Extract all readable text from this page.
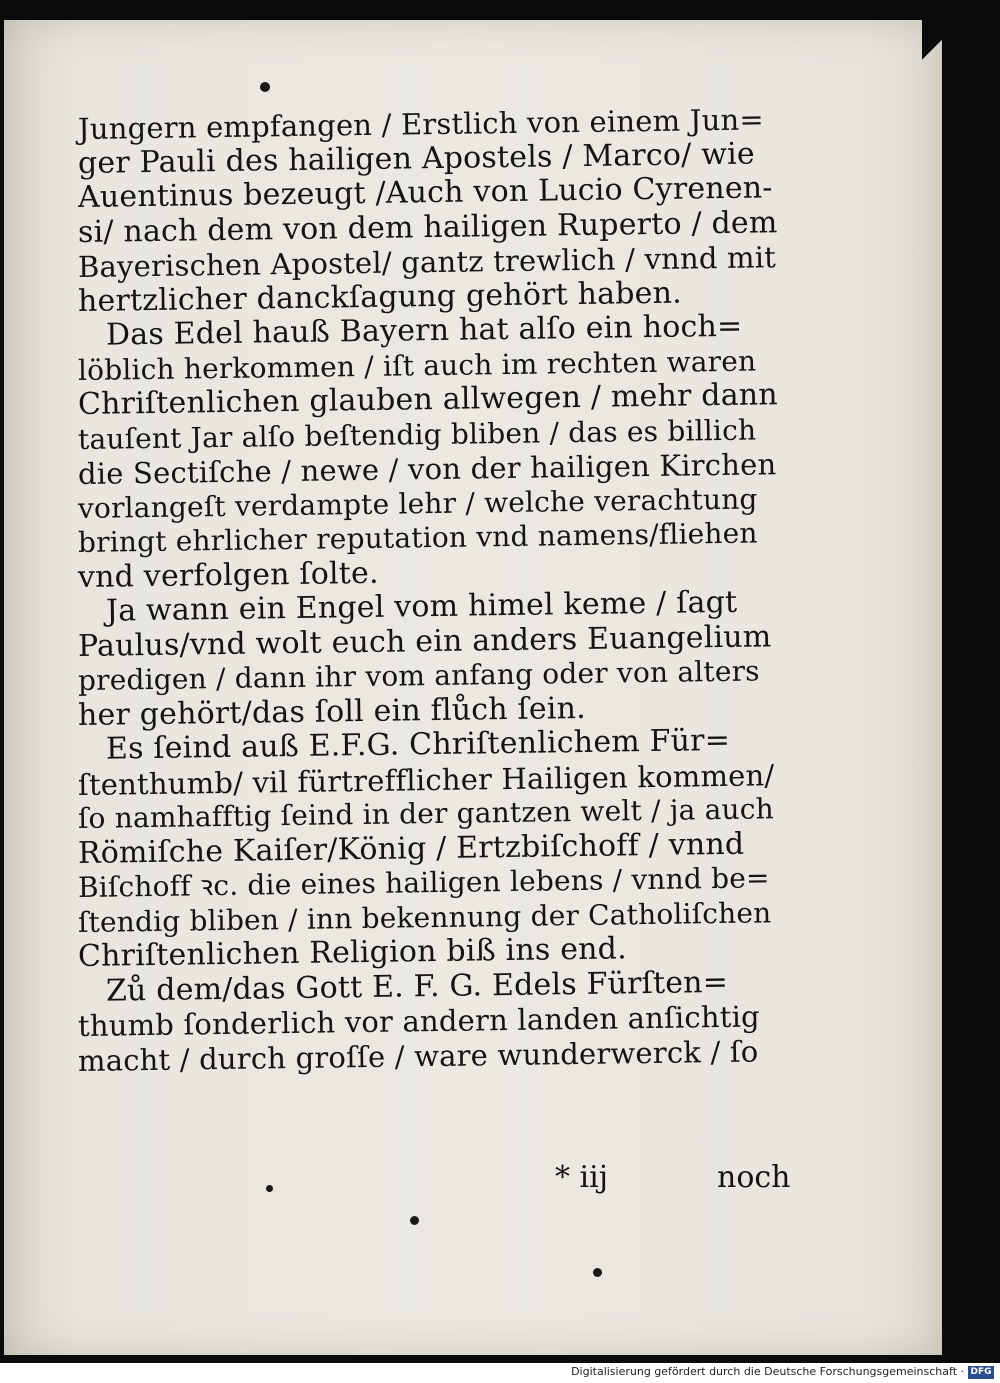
Jungern empfangen / Erstlich von einem Jun=
ger Pauli des hailigen Apostels / Marco/ wie
Auentinus bezeugt /Auch von Lucio Cyrenen-
si/ nach dem von dem hailigen Ruperto / dem
Bayerischen Apostel/ gantz trewlich / vnnd mit
hertzlicher danckſagung gehört haben.
Das Edel hauß Bayern hat alſo ein hoch=
löblich herkommen / iſt auch im rechten waren
Chriſtenlichen glauben allwegen / mehr dann
tauſent Jar alſo beſtendig bliben / das es billich
die Sectiſche / newe / von der hailigen Kirchen
vorlangeſt verdampte lehr / welche verachtung
bringt ehrlicher reputation vnd namens/fliehen
vnd verfolgen ſolte.
Ja wann ein Engel vom himel keme / ſagt
Paulus/vnd wolt euch ein anders Euangelium
predigen / dann ihr vom anfang oder von alters
her gehört/das ſoll ein flůch ſein.
Es ſeind auß E.F.G. Chriſtenlichem Für=
ſtenthumb/ vil fürtrefflicher Hailigen kommen/
ſo namhafftig ſeind in der gantzen welt / ja auch
Römiſche Kaiſer/König / Ertzbiſchoff / vnnd
Biſchoff ꝛc. die eines hailigen lebens / vnnd be=
ſtendig bliben / inn bekennung der Catholiſchen
Chriſtenlichen Religion biß ins end.
Zů dem/das Gott E. F. G. Edels Fürſten=
thumb ſonderlich vor andern landen anſichtig
macht / durch groſſe / ware wunderwerck / ſo
* iij	noch
Digitalisierung gefördert durch die Deutsche Forschungsgemeinschaft · DFG
